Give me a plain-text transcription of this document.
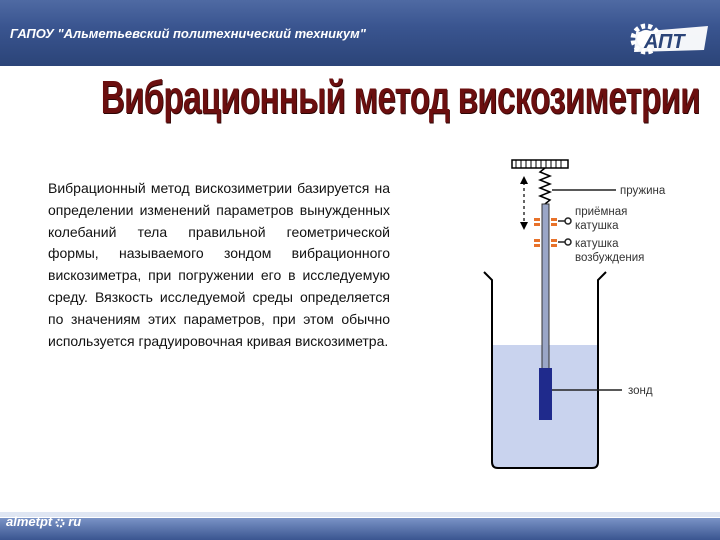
ГАПОУ "Альметьевский политехнический техникум"	АПТ
Вибрационный метод вискозиметрии
Вибрационный метод вискозиметрии базируется на определении изменений параметров вынужденных колебаний тела правильной геометрической формы, называемого зондом вибрационного вискозиметра, при погружении его в исследуемую среду. Вязкость исследуемой среды определяется по значениям этих параметров, при этом обычно используется градуировочная кривая вискозиметра.
пружина
приёмная
катушка
катушка
возбуждения
зонд
almetpt ru
